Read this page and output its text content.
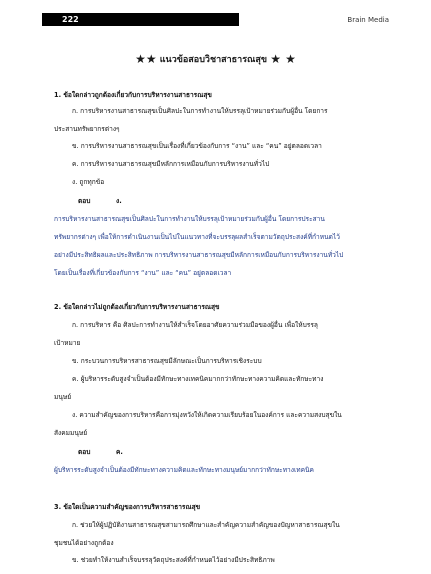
222	Brain Media
★★ แนวข้อสอบวิชาสาธารณสุข ★ ★
1. ข้อใดกล่าวถูกต้องเกี่ยวกับการบริหารงานสาธารณสุข
ก. การบริหารงานสาธารณสุขเป็นศิลปะในการทำงานให้บรรลุเป้าหมายร่วมกับผู้อื่น โดยการ
ประสานทรัพยากรต่างๆ
ข. การบริหารงานสาธารณสุขเป็นเรื่องที่เกี่ยวข้องกับการ “งาน” และ “คน” อยู่ตลอดเวลา
ค. การบริหารงานสาธารณสุขมีหลักการเหมือนกับการบริหารงานทั่วไป
ง. ถูกทุกข้อ
ตอบ	ง.
การบริหารงานสาธารณสุขเป็นศิลปะในการทำงานให้บรรลุเป้าหมายร่วมกับผู้อื่น โดยการประสาน
ทรัพยากรต่างๆ เพื่อให้การดำเนินงานเป็นไปในแนวทางที่จะบรรลุผลสำเร็จตามวัตถุประสงค์ที่กำหนดไว้
อย่างมีประสิทธิผลและประสิทธิภาพ การบริหารงานสาธารณสุขมีหลักการเหมือนกับการบริหารงานทั่วไป
โดยเป็นเรื่องที่เกี่ยวข้องกับการ “งาน” และ “คน” อยู่ตลอดเวลา
2. ข้อใดกล่าวไม่ถูกต้องเกี่ยวกับการบริหารงานสาธารณสุข
ก. การบริหาร คือ ศิลปะการทำงานให้สำเร็จโดยอาศัยความร่วมมือของผู้อื่น เพื่อให้บรรลุ
เป้าหมาย
ข. กระบวนการบริหารสาธารณสุขมีลักษณะเป็นการบริหารเชิงระบบ
ค. ผู้บริหารระดับสูงจำเป็นต้องมีทักษะทางเทคนิคมากกว่าทักษะทางความคิดและทักษะทาง
มนุษย์
ง. ความสำคัญของการบริหารคือการมุ่งหวังให้เกิดความเรียบร้อยในองค์การ และความสงบสุขใน
สังคมมนุษย์
ตอบ	ค.
ผู้บริหารระดับสูงจำเป็นต้องมีทักษะทางความคิดและทักษะทางมนุษย์มากกว่าทักษะทางเทคนิค
3. ข้อใดเป็นความสำคัญของการบริหารสาธารณสุข
ก. ช่วยให้ผู้ปฏิบัติงานสาธารณสุขสามารถศึกษาและสำคัญความสำคัญของปัญหาสาธารณสุขใน
ชุมชนได้อย่างถูกต้อง
ข. ช่วยทำให้งานสำเร็จบรรลุวัตถุประสงค์ที่กำหนดไว้อย่างมีประสิทธิภาพ
